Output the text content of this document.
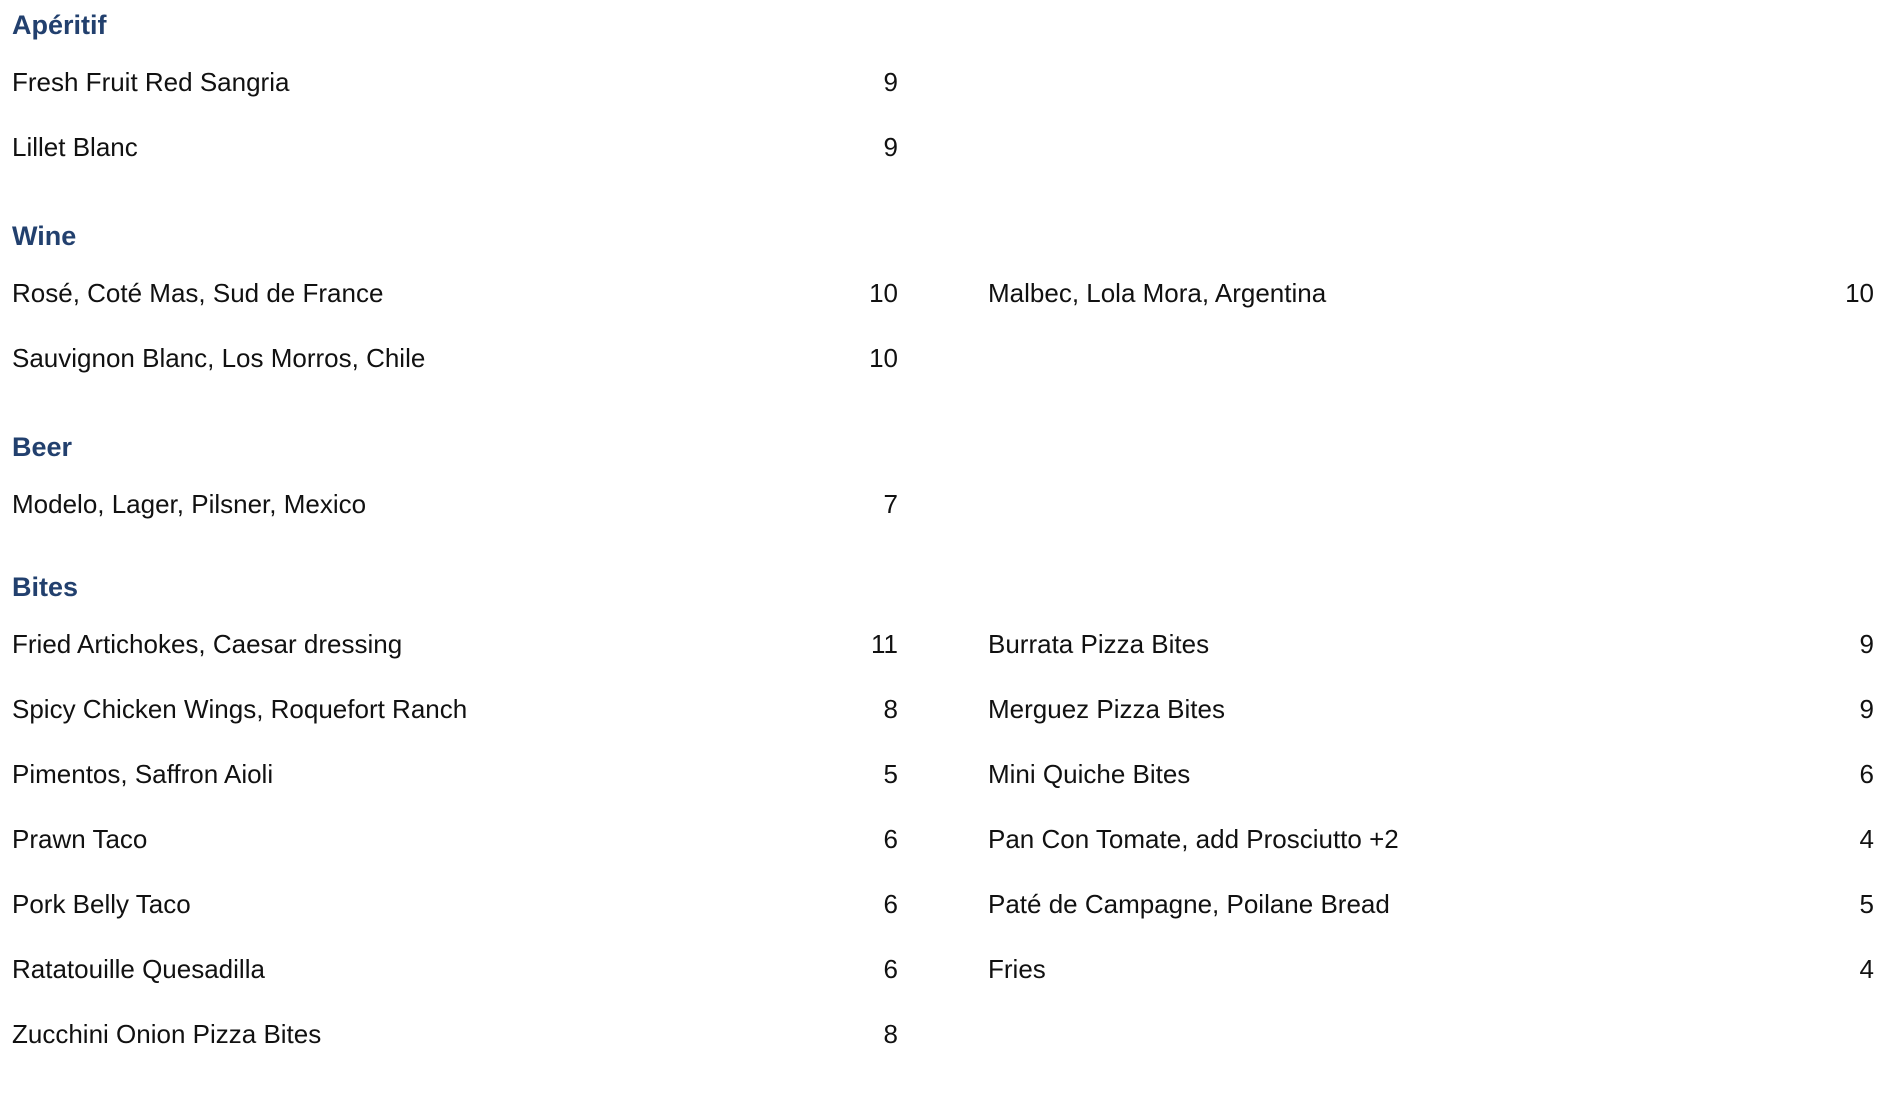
Apéritif
Fresh Fruit Red Sangria	9
Lillet Blanc	9
Wine
Rosé, Coté Mas, Sud de France	10	Malbec, Lola Mora, Argentina	10
Sauvignon Blanc, Los Morros, Chile	10
Beer
Modelo, Lager, Pilsner, Mexico	7
Bites
Fried Artichokes, Caesar dressing	11	Burrata Pizza Bites	9
Spicy Chicken Wings, Roquefort Ranch	8	Merguez Pizza Bites	9
Pimentos, Saffron Aioli	5	Mini Quiche Bites	6
Prawn Taco	6	Pan Con Tomate, add Prosciutto +2	4
Pork Belly Taco	6	Paté de Campagne, Poilane Bread	5
Ratatouille Quesadilla	6	Fries	4
Zucchini Onion Pizza Bites	8
